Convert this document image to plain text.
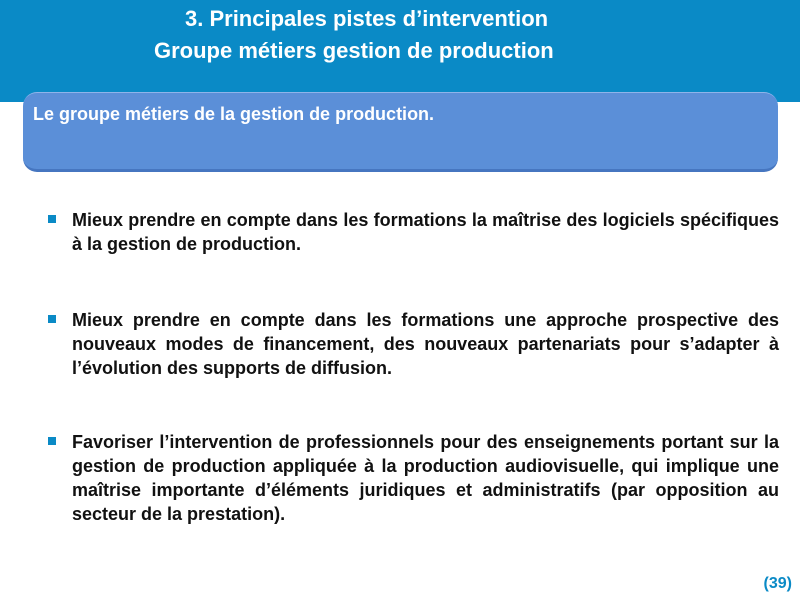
3. Principales pistes d’intervention
Groupe métiers gestion de production
Le groupe métiers de la gestion de production.

Mieux prendre en compte dans les formations la maîtrise des logiciels spécifiques à la gestion de production.

Mieux prendre en compte dans les formations une approche prospective des nouveaux modes de financement, des nouveaux partenariats pour s’adapter à l’évolution des supports de diffusion.

Favoriser l’intervention de professionnels pour des enseignements portant sur la gestion de production appliquée à la production audiovisuelle, qui implique une maîtrise importante d’éléments juridiques et administratifs (par opposition au secteur de la prestation).

(39)
